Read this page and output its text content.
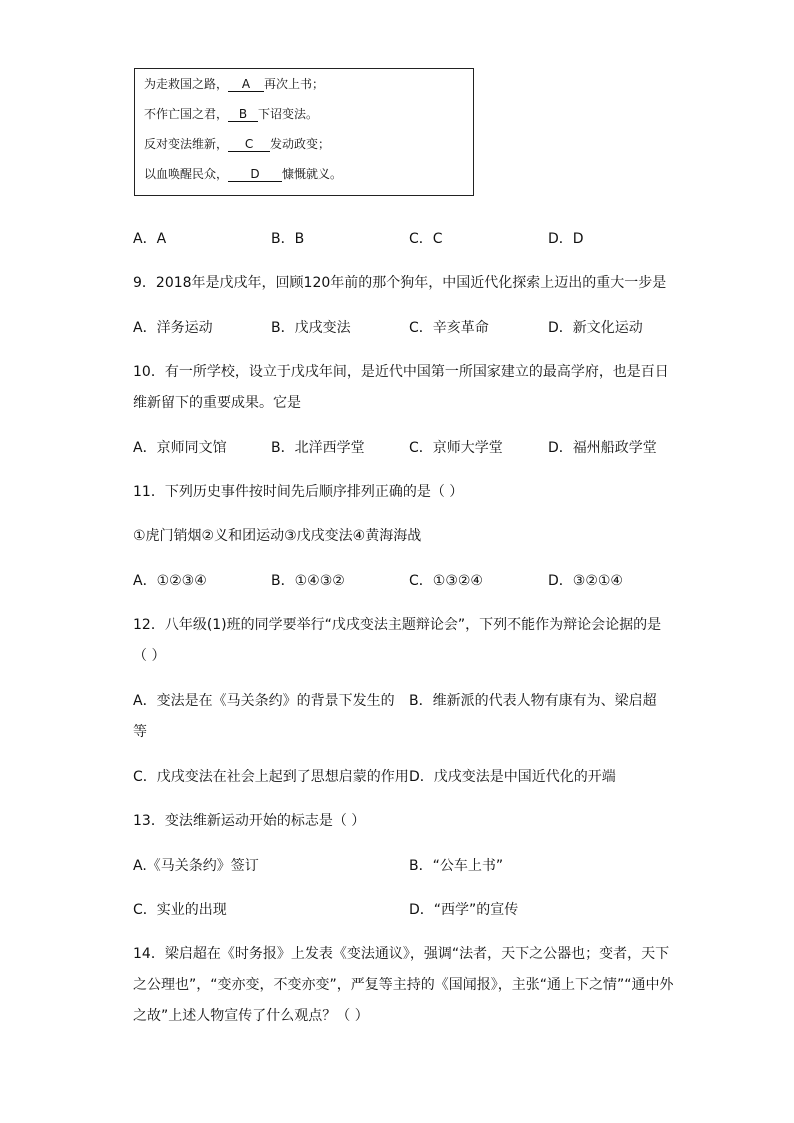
为走救国之路， A 再次上书；
不作亡国之君， B 下诏变法。
反对变法维新， C 发动政变；
以血唤醒民众， D 慷慨就义。
A．A	B．B	C．C	D．D
9．2018年是戊戌年，回顾120年前的那个狗年，中国近代化探索上迈出的重大一步是
A．洋务运动	B．戊戌变法	C．辛亥革命	D．新文化运动
10．有一所学校，设立于戊戌年间，是近代中国第一所国家建立的最高学府，也是百日
维新留下的重要成果。它是
A．京师同文馆	B．北洋西学堂	C．京师大学堂	D．福州船政学堂
11．下列历史事件按时间先后顺序排列正确的是（ ）
①虎门销烟②义和团运动③戊戌变法④黄海海战
A．①②③④	B．①④③②	C．①③②④	D．③②①④
12．八年级(1)班的同学要举行“戊戌变法主题辩论会”，下列不能作为辩论会论据的是
（ ）
A．变法是在《马关条约》的背景下发生的 B．维新派的代表人物有康有为、梁启超
等
C．戊戌变法在社会上起到了思想启蒙的作用 D．戊戌变法是中国近代化的开端
13．变法维新运动开始的标志是（ ）
A.《马关条约》签订	B．“公车上书”
C．实业的出现	D．“西学”的宣传
14．梁启超在《时务报》上发表《变法通议》，强调“法者，天下之公器也；变者，天下
之公理也”，“变亦变，不变亦变”，严复等主持的《国闻报》，主张“通上下之情”“通中外
之故”上述人物宣传了什么观点？（ ）
